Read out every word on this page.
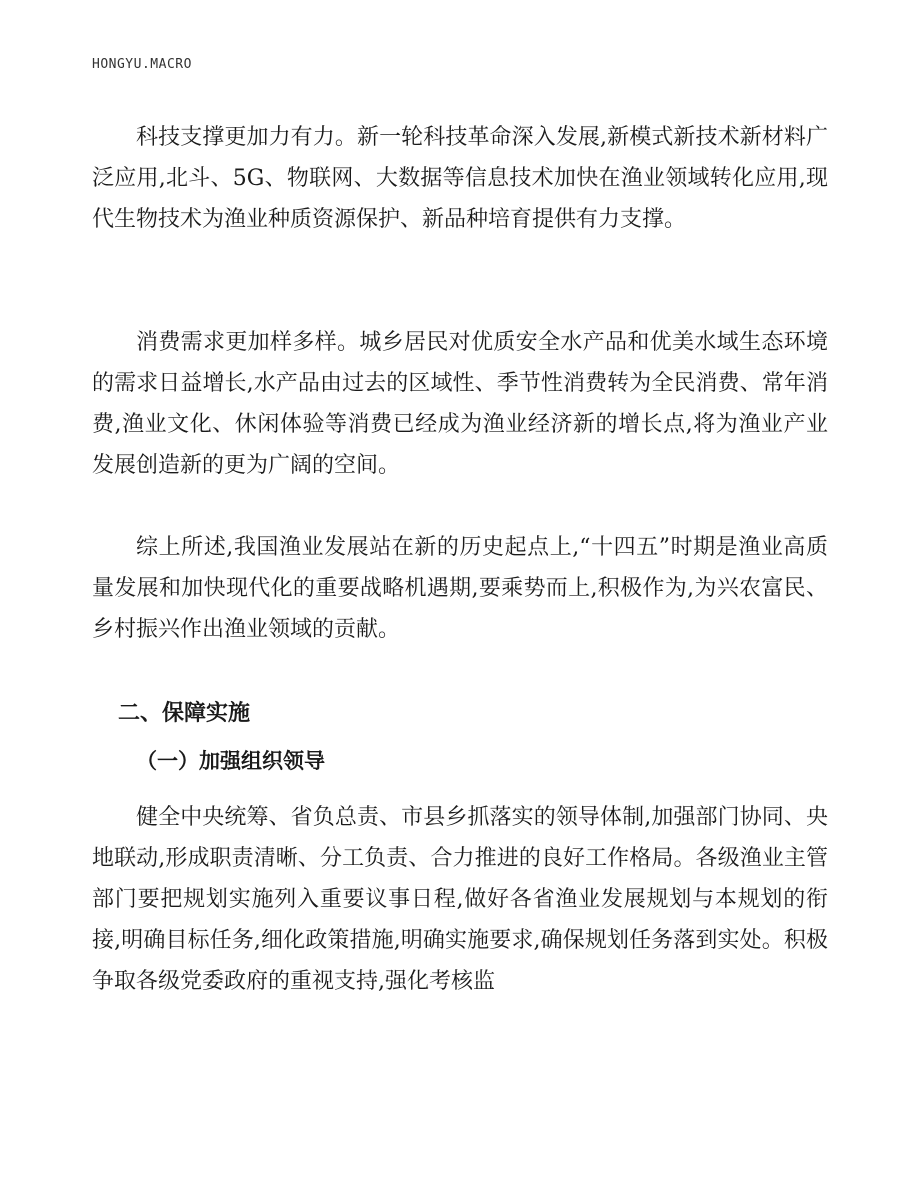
HONGYU.MACRO

科技支撑更加力有力。新一轮科技革命深入发展,新模式新技术新材料广泛应用,北斗、5G、物联网、大数据等信息技术加快在渔业领域转化应用,现代生物技术为渔业种质资源保护、新品种培育提供有力支撑。

消费需求更加样多样。城乡居民对优质安全水产品和优美水域生态环境的需求日益增长,水产品由过去的区域性、季节性消费转为全民消费、常年消费,渔业文化、休闲体验等消费已经成为渔业经济新的增长点,将为渔业产业发展创造新的更为广阔的空间。

综上所述,我国渔业发展站在新的历史起点上,“十四五”时期是渔业高质量发展和加快现代化的重要战略机遇期,要乘势而上,积极作为,为兴农富民、乡村振兴作出渔业领域的贡献。

二、保障实施
（一）加强组织领导

健全中央统筹、省负总责、市县乡抓落实的领导体制,加强部门协同、央地联动,形成职责清晰、分工负责、合力推进的良好工作格局。各级渔业主管部门要把规划实施列入重要议事日程,做好各省渔业发展规划与本规划的衔接,明确目标任务,细化政策措施,明确实施要求,确保规划任务落到实处。积极争取各级党委政府的重视支持,强化考核监
